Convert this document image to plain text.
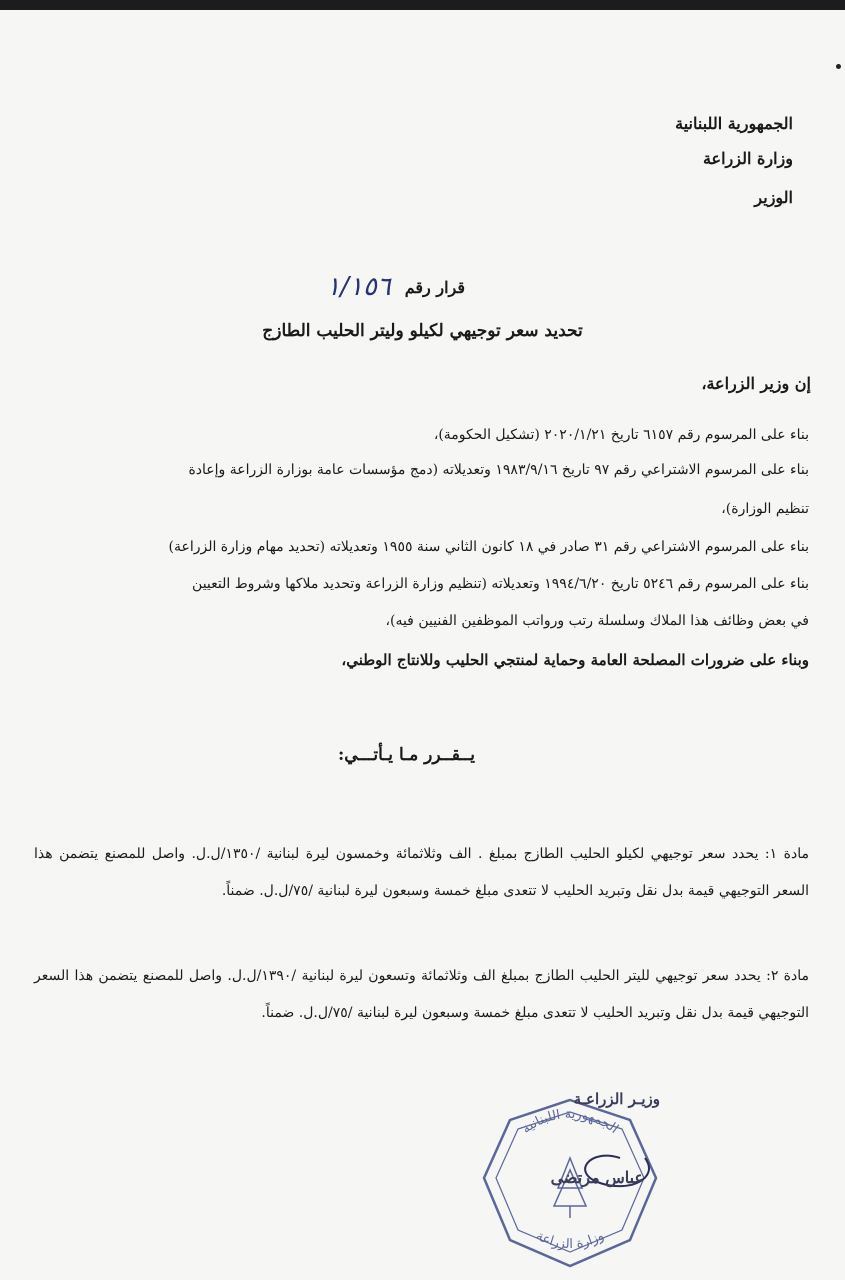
الجمهورية اللبنانية
وزارة الزراعة
الوزير
قرار رقم
١/١٥٦
تحديد سعر توجيهي لكيلو وليتر الحليب الطازج
إن وزير الزراعة،
بناء على المرسوم رقم ٦١٥٧ تاريخ ٢٠٢٠/١/٢١ (تشكيل الحكومة)،
بناء على المرسوم الاشتراعي رقم ٩٧ تاريخ ١٩٨٣/٩/١٦ وتعديلاته (دمج مؤسسات عامة بوزارة الزراعة وإعادة
تنظيم الوزارة)،
بناء على المرسوم الاشتراعي رقم ٣١ صادر في ١٨ كانون الثاني سنة ١٩٥٥ وتعديلاته (تحديد مهام وزارة الزراعة)
بناء على المرسوم رقم ٥٢٤٦ تاريخ ١٩٩٤/٦/٢٠ وتعديلاته (تنظيم وزارة الزراعة وتحديد ملاكها وشروط التعيين
في بعض وظائف هذا الملاك وسلسلة رتب ورواتب الموظفين الفنيين فيه)،
وبناء على ضرورات المصلحة العامة وحماية لمنتجي الحليب وللانتاج الوطني،
يــقــرر مـا يـأتـــي:
مادة ١: يحدد سعر توجيهي لكيلو الحليب الطازج بمبلغ . الف وثلاثمائة وخمسون ليرة لبنانية /١٣٥٠/ل.ل. واصل للمصنع يتضمن هذا السعر التوجيهي قيمة بدل نقل وتبريد الحليب لا تتعدى مبلغ خمسة وسبعون ليرة لبنانية /٧٥/ل.ل. ضمناً.
مادة ٢: يحدد سعر توجيهي لليتر الحليب الطازج بمبلغ الف وثلاثمائة وتسعون ليرة لبنانية /١٣٩٠/ل.ل. واصل للمصنع يتضمن هذا السعر التوجيهي قيمة بدل نقل وتبريد الحليب لا تتعدى مبلغ خمسة وسبعون ليرة لبنانية /٧٥/ل.ل. ضمناً.
الجمهورية اللبنانية
وزارة الزراعة
وزيـر الزراعـة
عباس مرتضى
